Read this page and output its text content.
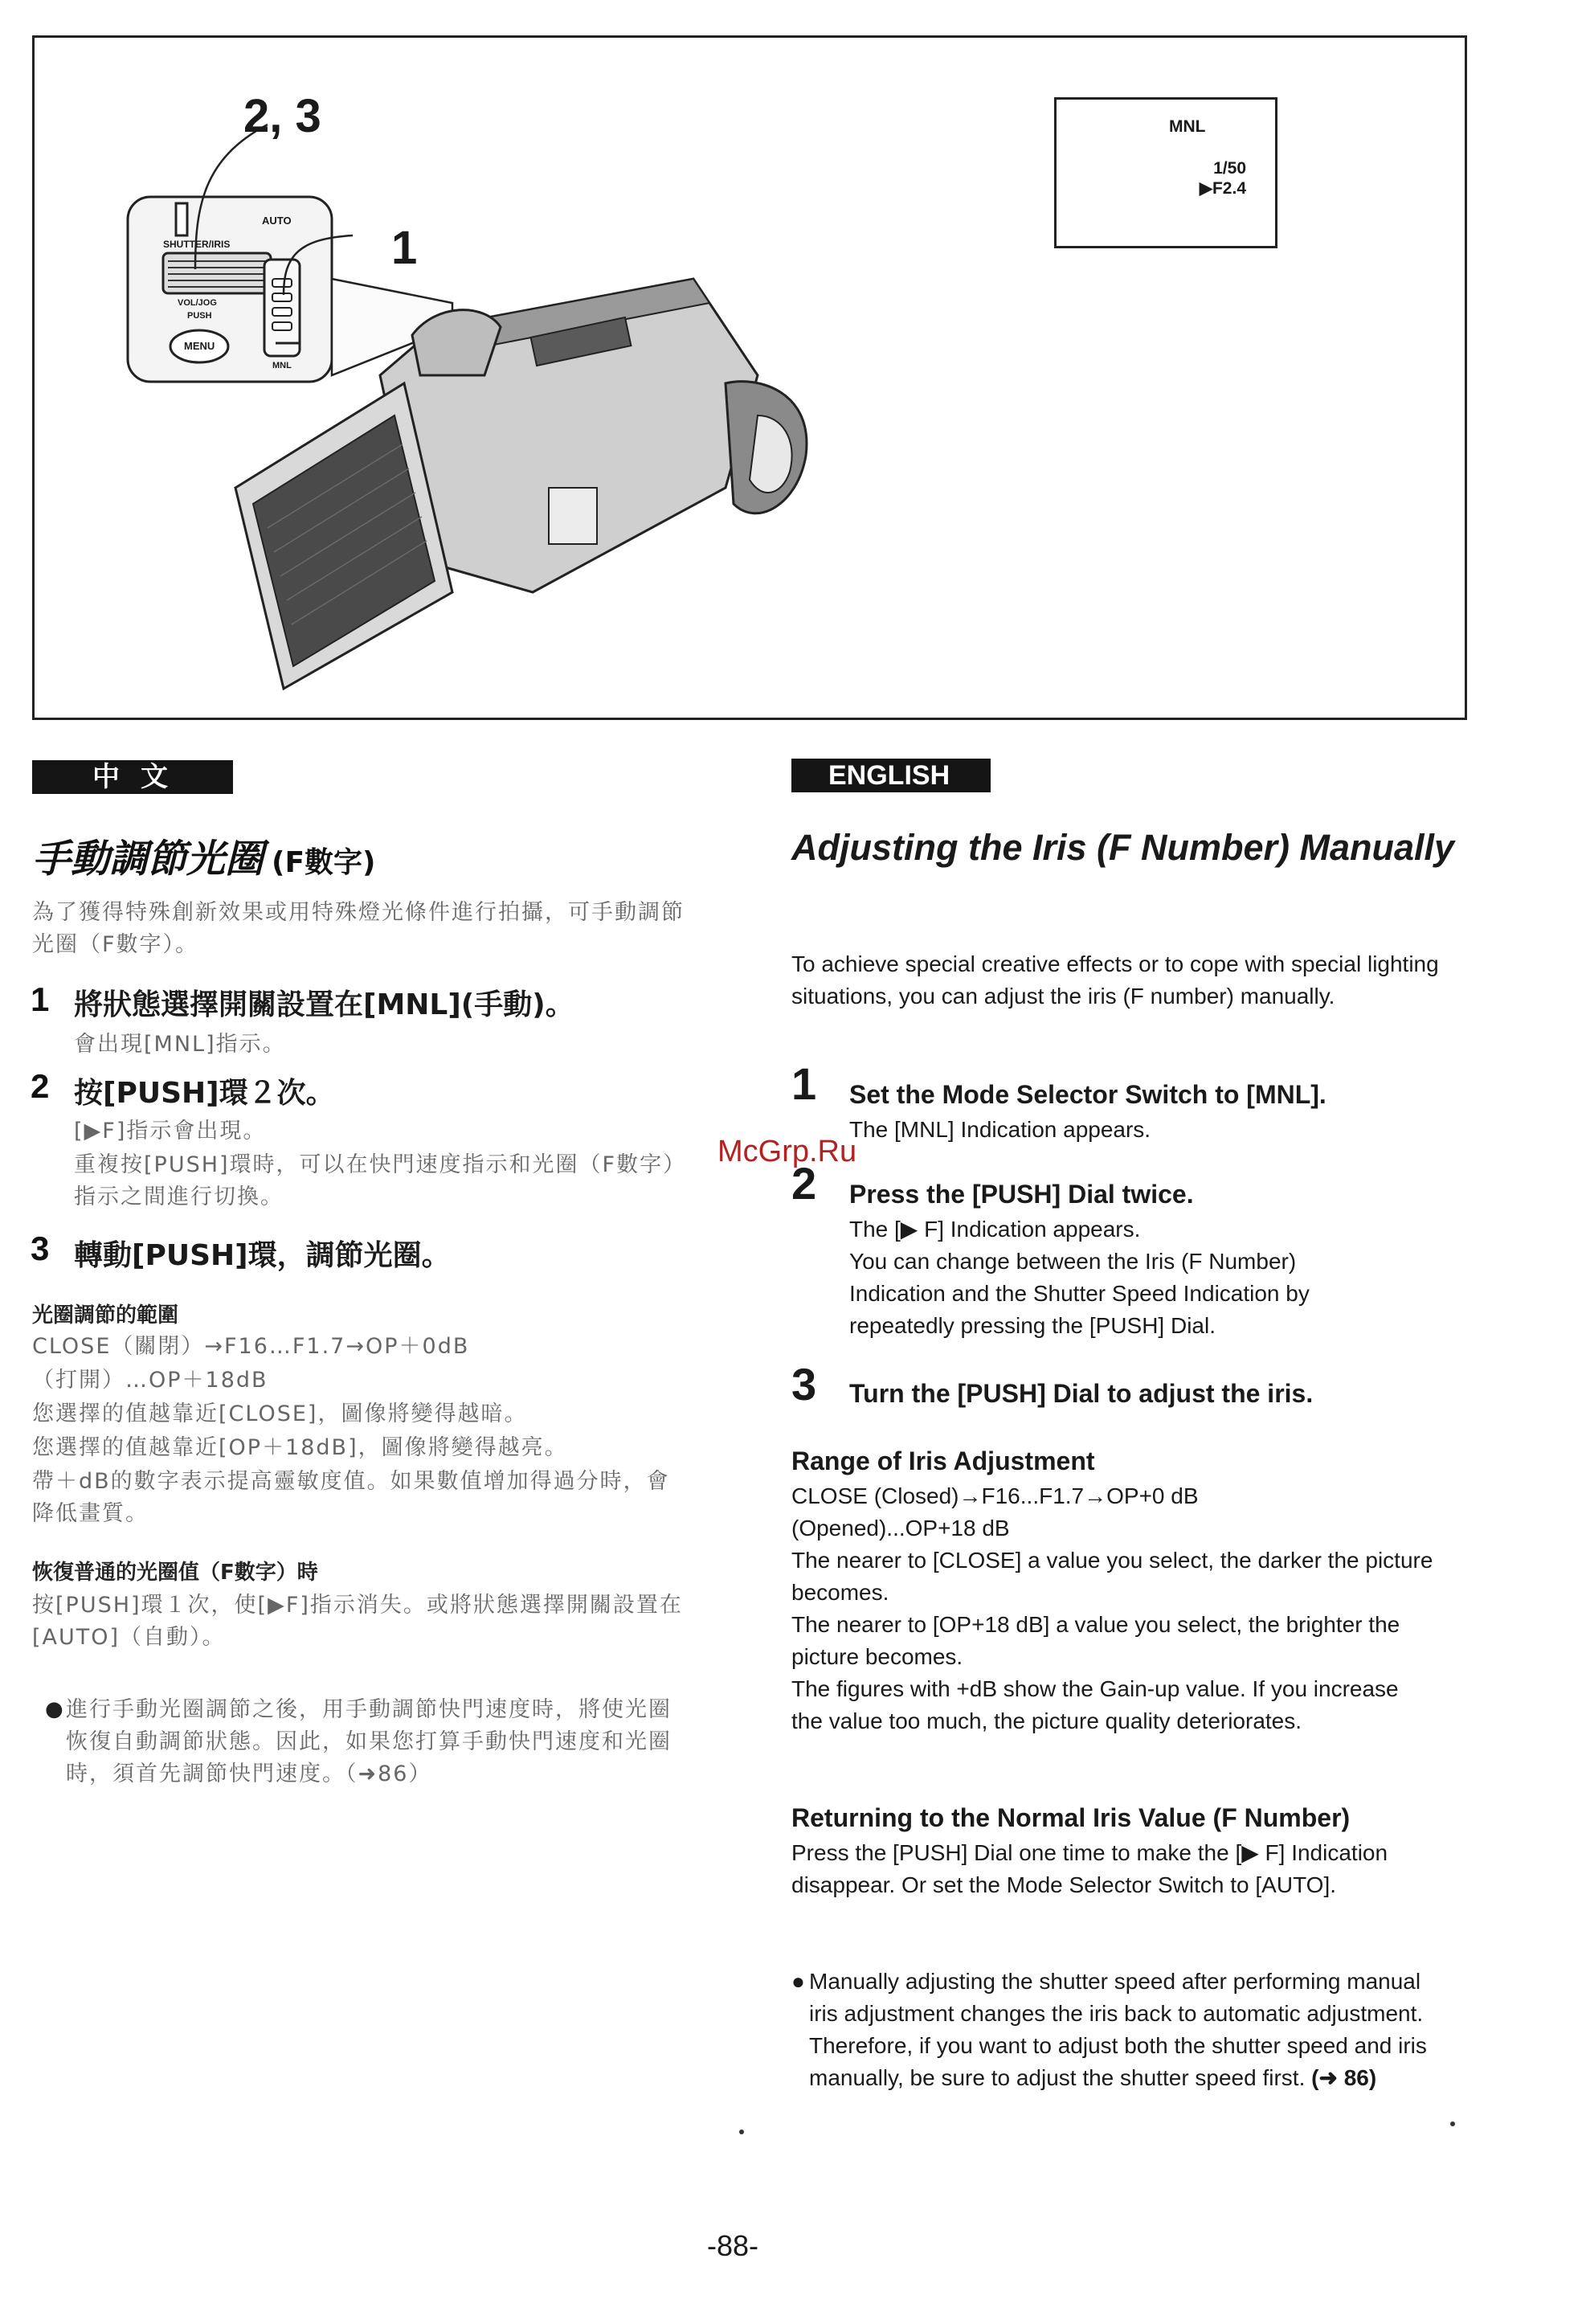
AUTO
SHUTTER/IRIS
VOL/JOG
PUSH
MENU
MNL
2, 3
1
MNL
1/50
▶F2.4
中文	ENGLISH
手動調節光圈 (F數字)
為了獲得特殊創新效果或用特殊燈光條件進行拍攝，可手動調節光圈（F數字）。
1 將狀態選擇開關設置在[MNL](手動)。
會出現[MNL]指示。
2 按[PUSH]環２次。
[▶F]指示會出現。
重複按[PUSH]環時，可以在快門速度指示和光圈（F數字）指示之間進行切換。
3 轉動[PUSH]環，調節光圈。
光圈調節的範圍
CLOSE（關閉）→F16…F1.7→OP＋0dB
（打開）…OP＋18dB
您選擇的值越靠近[CLOSE]，圖像將變得越暗。
您選擇的值越靠近[OP＋18dB]，圖像將變得越亮。
帶＋dB的數字表示提高靈敏度值。如果數值增加得過分時，會降低畫質。
恢復普通的光圈值（F數字）時
按[PUSH]環１次，使[▶F]指示消失。或將狀態選擇開關設置在[AUTO]（自動）。
● 進行手動光圈調節之後，用手動調節快門速度時，將使光圈恢復自動調節狀態。因此，如果您打算手動快門速度和光圈時，須首先調節快門速度。（➜86）
Adjusting the Iris (F Number) Manually
To achieve special creative effects or to cope with special lighting situations, you can adjust the iris (F number) manually.
1 Set the Mode Selector Switch to [MNL].
The [MNL] Indication appears.
2 Press the [PUSH] Dial twice.
The [▶ F] Indication appears.
You can change between the Iris (F Number) Indication and the Shutter Speed Indication by repeatedly pressing the [PUSH] Dial.
3 Turn the [PUSH] Dial to adjust the iris.
Range of Iris Adjustment
CLOSE (Closed)→F16...F1.7→OP+0 dB
(Opened)...OP+18 dB
The nearer to [CLOSE] a value you select, the darker the picture becomes.
The nearer to [OP+18 dB] a value you select, the brighter the picture becomes.
The figures with +dB show the Gain-up value. If you increase the value too much, the picture quality deteriorates.
Returning to the Normal Iris Value (F Number)
Press the [PUSH] Dial one time to make the [▶ F] Indication disappear. Or set the Mode Selector Switch to [AUTO].
● Manually adjusting the shutter speed after performing manual iris adjustment changes the iris back to automatic adjustment. Therefore, if you want to adjust both the shutter speed and iris manually, be sure to adjust the shutter speed first. (➜ 86)
McGrp.Ru
-88-
